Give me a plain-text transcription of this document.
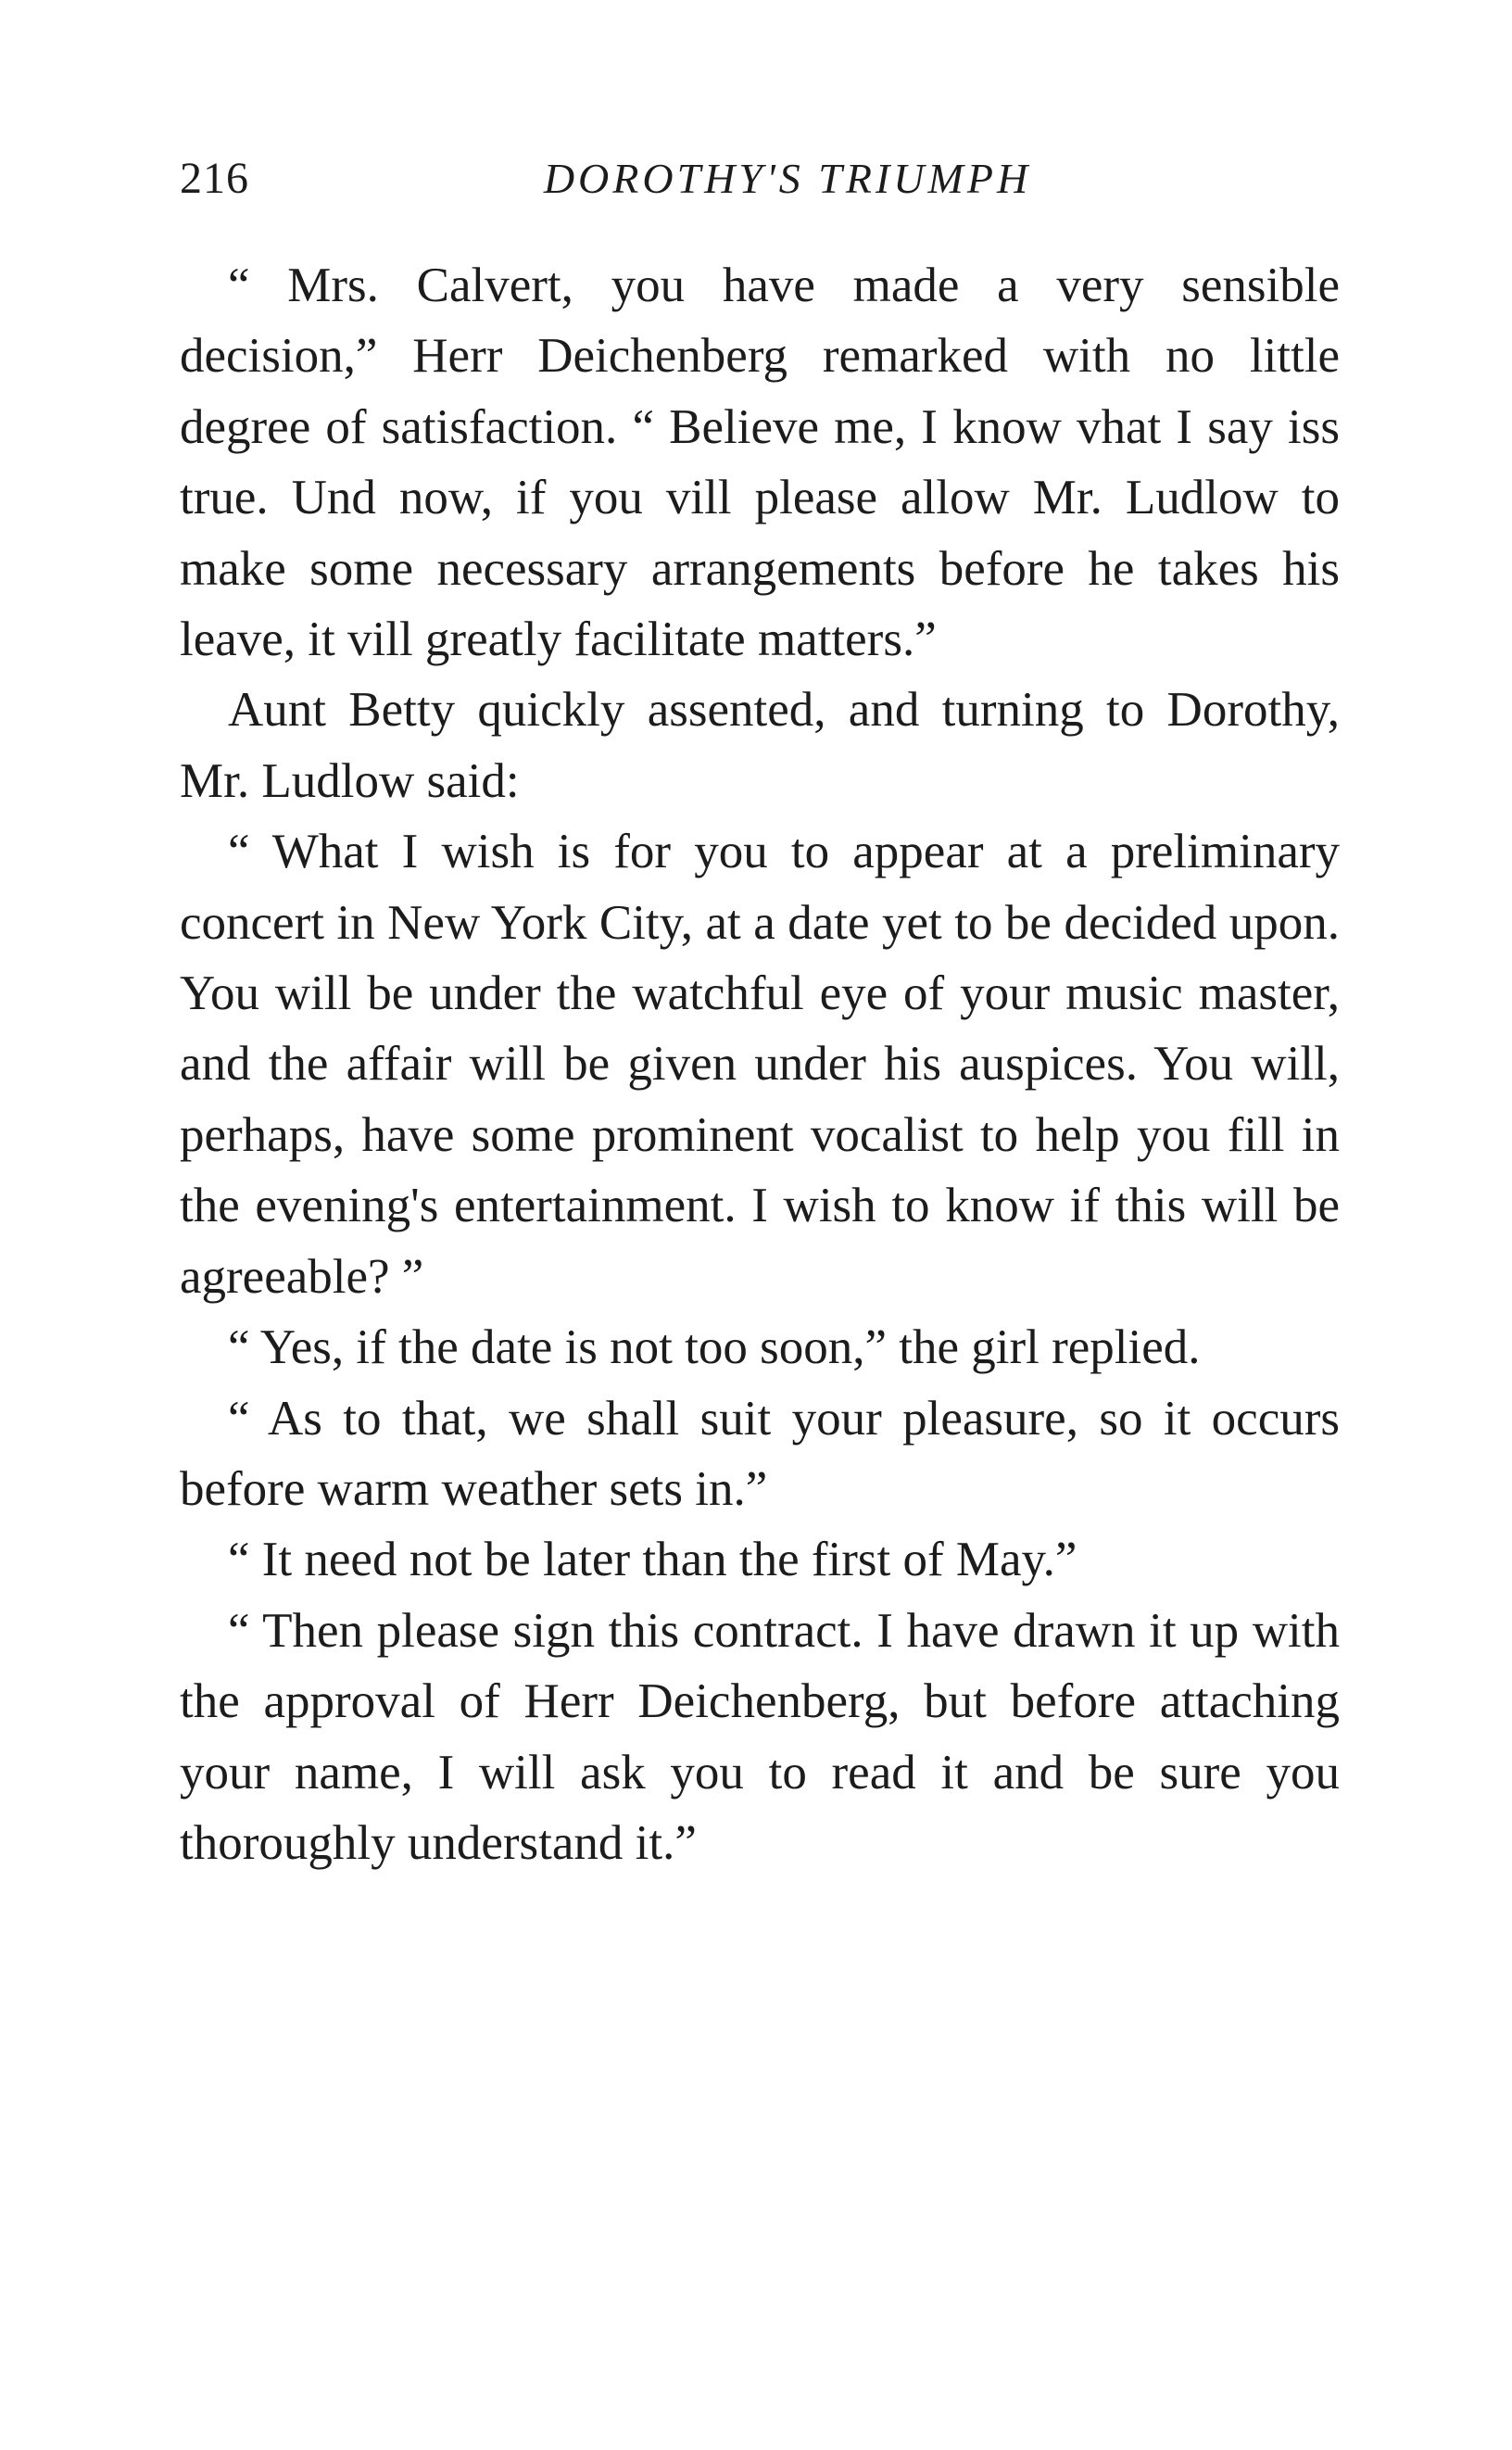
216	DOROTHY'S TRIUMPH

“ Mrs. Calvert, you have made a very sensible decision,” Herr Deichenberg remarked with no little degree of satisfaction. “ Believe me, I know vhat I say iss true. Und now, if you vill please allow Mr. Ludlow to make some necessary arrangements before he takes his leave, it vill greatly facilitate matters.”

Aunt Betty quickly assented, and turning to Dorothy, Mr. Ludlow said:

“ What I wish is for you to appear at a preliminary concert in New York City, at a date yet to be decided upon. You will be under the watchful eye of your music master, and the affair will be given under his auspices. You will, perhaps, have some prominent vocalist to help you fill in the evening's entertainment. I wish to know if this will be agreeable? ”

“ Yes, if the date is not too soon,” the girl replied.

“ As to that, we shall suit your pleasure, so it occurs before warm weather sets in.”

“ It need not be later than the first of May.”

“ Then please sign this contract. I have drawn it up with the approval of Herr Deichenberg, but before attaching your name, I will ask you to read it and be sure you thoroughly understand it.”
